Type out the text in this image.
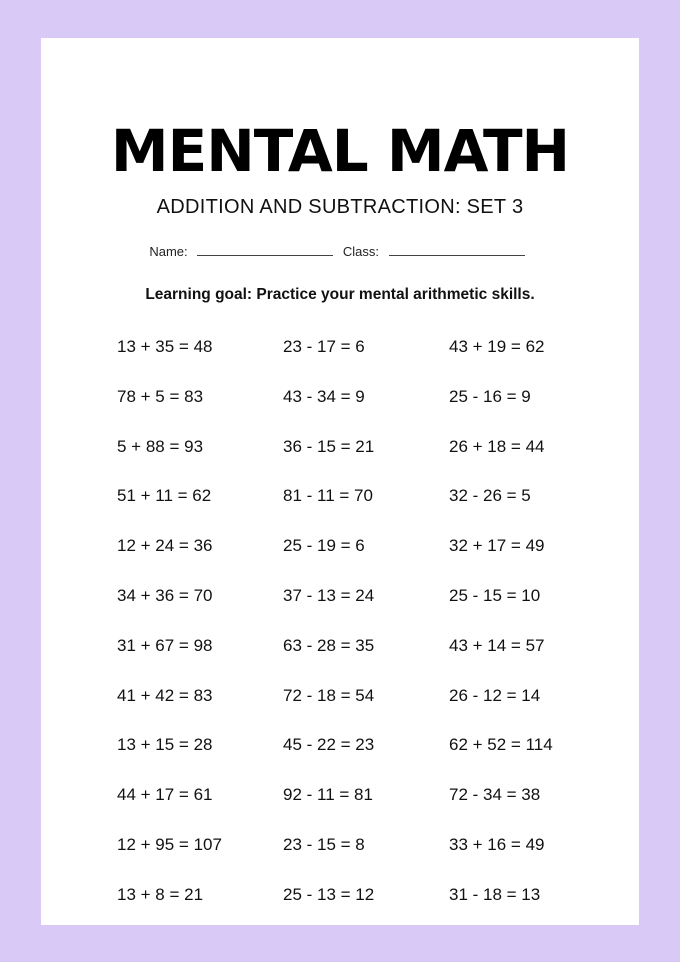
MENTAL MATH
ADDITION AND SUBTRACTION: SET 3
Name:	Class:
Learning goal: Practice your mental arithmetic skills.
13 + 35 = 48	23 - 17 = 6	43 + 19 = 62
78 + 5 = 83	43 - 34 = 9	25 - 16 = 9
5 + 88 = 93	36 - 15 = 21	26 + 18 = 44
51 + 11 = 62	81 - 11 = 70	32 - 26 = 5
12 + 24 = 36	25 - 19 = 6	32 + 17 = 49
34 + 36 = 70	37 - 13 = 24	25 - 15 = 10
31 + 67 = 98	63 - 28 = 35	43 + 14 = 57
41 + 42 = 83	72 - 18 = 54	26 - 12 = 14
13 + 15 = 28	45 - 22 = 23	62 + 52 = 114
44 + 17 = 61	92 - 11 = 81	72 - 34 = 38
12 + 95 = 107	23 - 15 = 8	33 + 16 = 49
13 + 8 = 21	25 - 13 = 12	31 - 18 = 13
